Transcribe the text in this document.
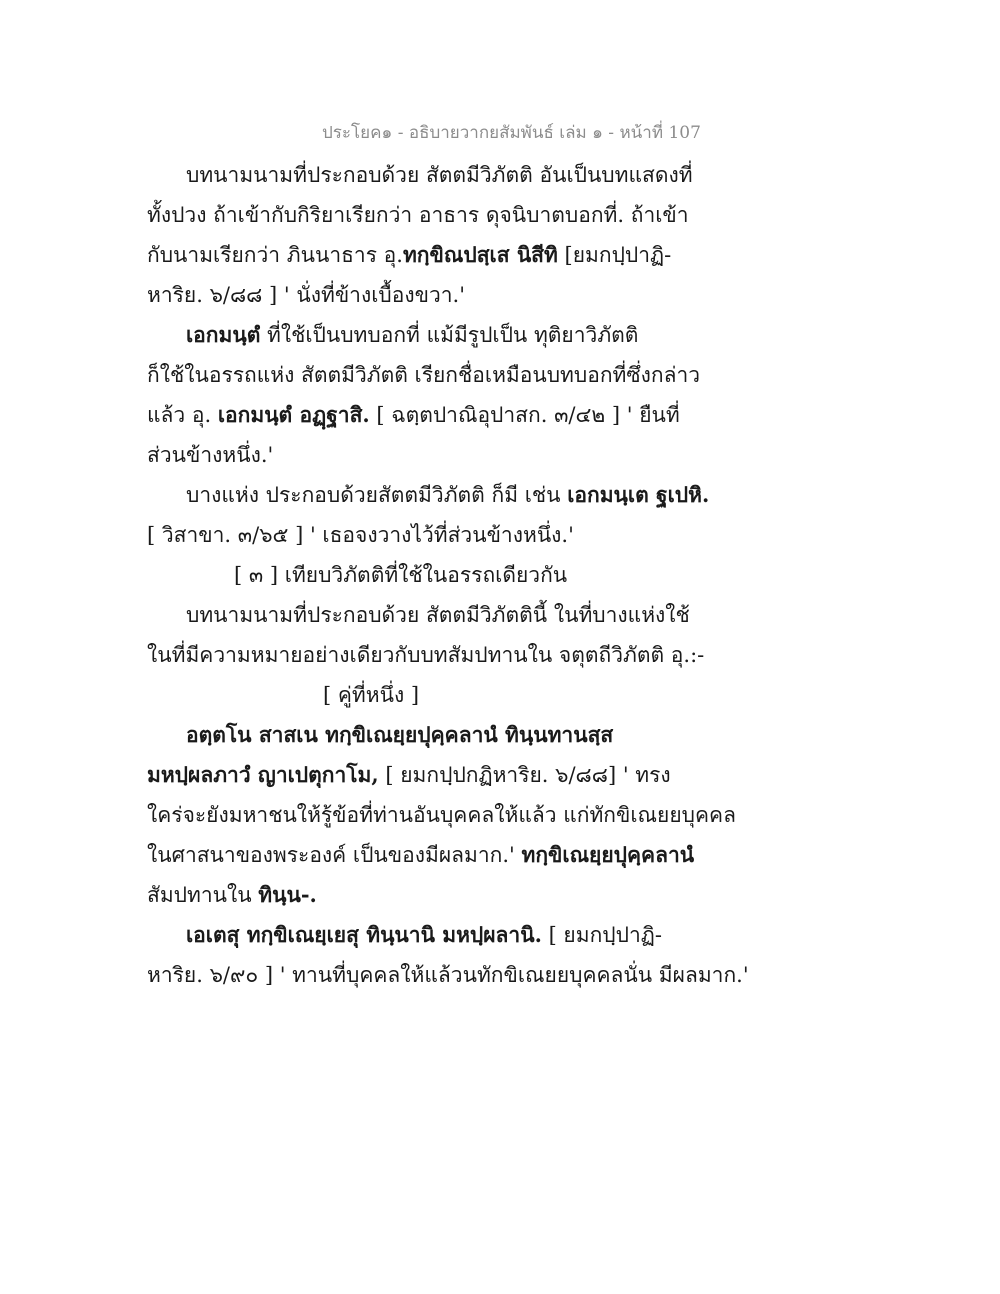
ประโยค๑ - อธิบายวากยสัมพันธ์ เล่ม ๑ - หน้าที่ 107
บทนามนามที่ประกอบด้วย สัตตมีวิภัตติ อันเป็นบทแสดงที่
ทั้งปวง ถ้าเข้ากับกิริยาเรียกว่า อาธาร ดุจนิบาตบอกที่. ถ้าเข้า
กับนามเรียกว่า ภินนาธาร อุ.ทกฺขิณปสฺเส นิสีทิ [ยมกปฺปาฏิ-
หาริย. ๖/๘๘ ] ' นั่งที่ข้างเบื้องขวา.'
เอกมนฺตํ ที่ใช้เป็นบทบอกที่ แม้มีรูปเป็น ทุติยาวิภัตติ
ก็ใช้ในอรรถแห่ง สัตตมีวิภัตติ เรียกชื่อเหมือนบทบอกที่ซึ่งกล่าว
แล้ว อุ. เอกมนฺตํ อฏฺฐาสิ. [ ฉตฺตปาณิอุปาสก. ๓/๔๒ ] ' ยืนที่
ส่วนข้างหนึ่ง.'
บางแห่ง ประกอบด้วยสัตตมีวิภัตติ ก็มี เช่น เอกมนฺเต ฐเปหิ.
[ วิสาขา. ๓/๖๕ ] ' เธอจงวางไว้ที่ส่วนข้างหนึ่ง.'
[ ๓ ] เทียบวิภัตติที่ใช้ในอรรถเดียวกัน
บทนามนามที่ประกอบด้วย สัตตมีวิภัตตินี้ ในที่บางแห่งใช้
ในที่มีความหมายอย่างเดียวกับบทสัมปทานใน จตุตถีวิภัตติ อุ.:-
[ คู่ที่หนึ่ง ]
อตฺตโน สาสเน ทกฺขิเณยฺยปุคฺคลานํ ทินฺนทานสฺส
มหปฺผลภาวํ ญาเปตุกาโม, [ ยมกปฺปกฏิหาริย. ๖/๘๘] ' ทรง
ใคร่จะยังมหาชนให้รู้ข้อที่ท่านอันบุคคลให้แล้ว แก่ทักขิเณยยบุคคล
ในศาสนาของพระองค์ เป็นของมีผลมาก.' ทกฺขิเณยฺยปุคฺคลานํ
สัมปทานใน ทินฺน-.
เอเตสุ ทกฺขิเณยฺเยสุ ทินฺนานิ มหปฺผลานิ. [ ยมกปฺปาฏิ-
หาริย. ๖/๙๐ ] ' ทานที่บุคคลให้แล้วนทักขิเณยยบุคคลนั่น มีผลมาก.'
